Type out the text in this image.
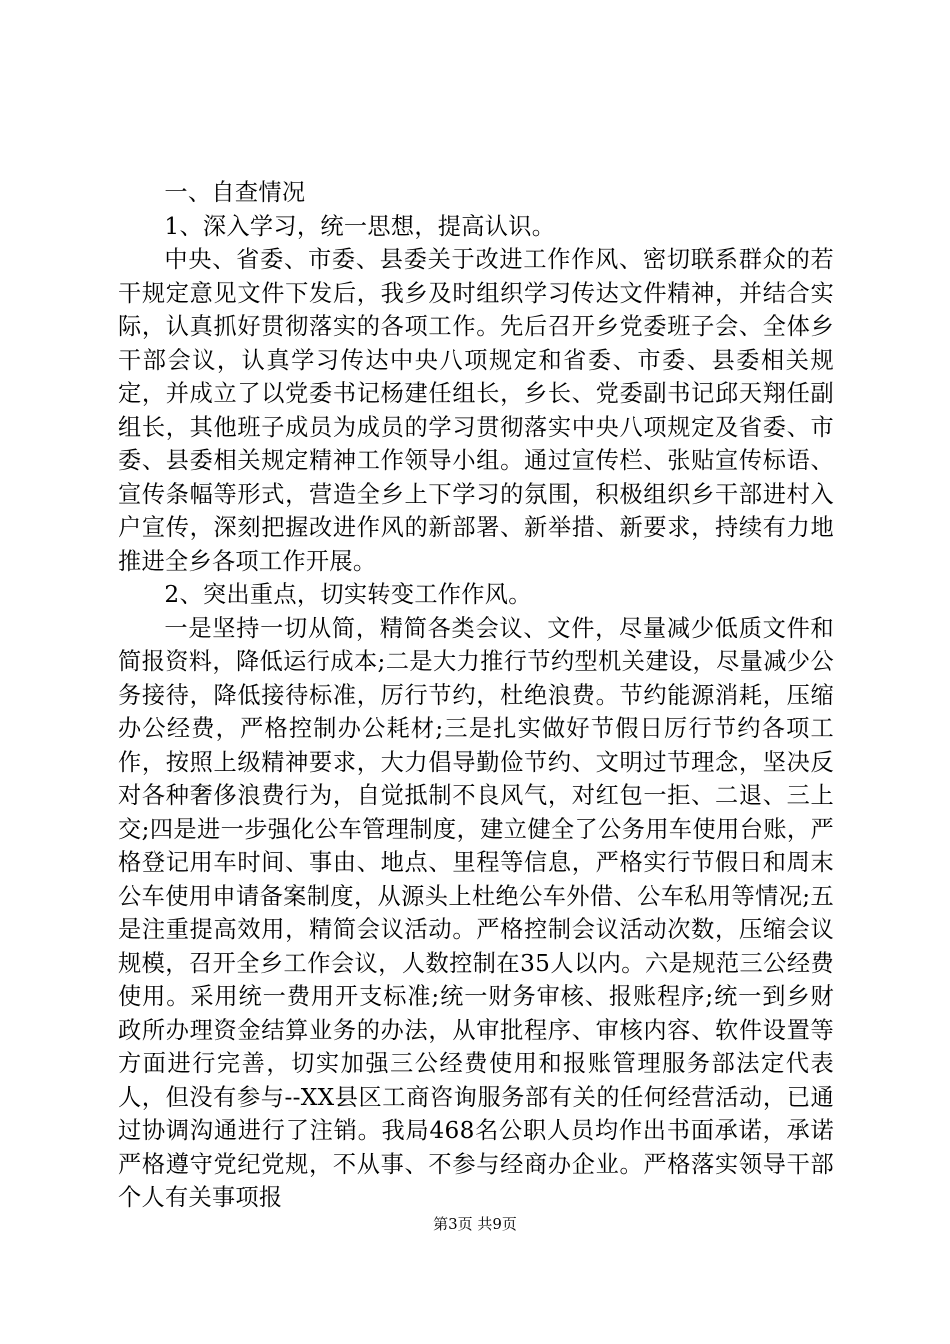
一、自查情况

1、深入学习，统一思想，提高认识。

中央、省委、市委、县委关于改进工作作风、密切联系群众的若干规定意见文件下发后，我乡及时组织学习传达文件精神，并结合实际，认真抓好贯彻落实的各项工作。先后召开乡党委班子会、全体乡干部会议，认真学习传达中央八项规定和省委、市委、县委相关规定，并成立了以党委书记杨建任组长，乡长、党委副书记邱天翔任副组长，其他班子成员为成员的学习贯彻落实中央八项规定及省委、市委、县委相关规定精神工作领导小组。通过宣传栏、张贴宣传标语、宣传条幅等形式，营造全乡上下学习的氛围，积极组织乡干部进村入户宣传，深刻把握改进作风的新部署、新举措、新要求，持续有力地推进全乡各项工作开展。

2、突出重点，切实转变工作作风。

一是坚持一切从简，精简各类会议、文件，尽量减少低质文件和简报资料，降低运行成本;二是大力推行节约型机关建设，尽量减少公务接待，降低接待标准，厉行节约，杜绝浪费。节约能源消耗，压缩办公经费，严格控制办公耗材;三是扎实做好节假日厉行节约各项工作，按照上级精神要求，大力倡导勤俭节约、文明过节理念，坚决反对各种奢侈浪费行为，自觉抵制不良风气，对红包一拒、二退、三上交;四是进一步强化公车管理制度，建立健全了公务用车使用台账，严格登记用车时间、事由、地点、里程等信息，严格实行节假日和周末公车使用申请备案制度，从源头上杜绝公车外借、公车私用等情况;五是注重提高效用，精简会议活动。严格控制会议活动次数，压缩会议规模，召开全乡工作会议，人数控制在35人以内。六是规范三公经费使用。采用统一费用开支标准;统一财务审核、报账程序;统一到乡财政所办理资金结算业务的办法，从审批程序、审核内容、软件设置等方面进行完善，切实加强三公经费使用和报账管理服务部法定代表人，但没有参与--XX县区工商咨询服务部有关的任何经营活动，已通过协调沟通进行了注销。我局468名公职人员均作出书面承诺，承诺严格遵守党纪党规，不从事、不参与经商办企业。严格落实领导干部个人有关事项报

第3页 共9页
